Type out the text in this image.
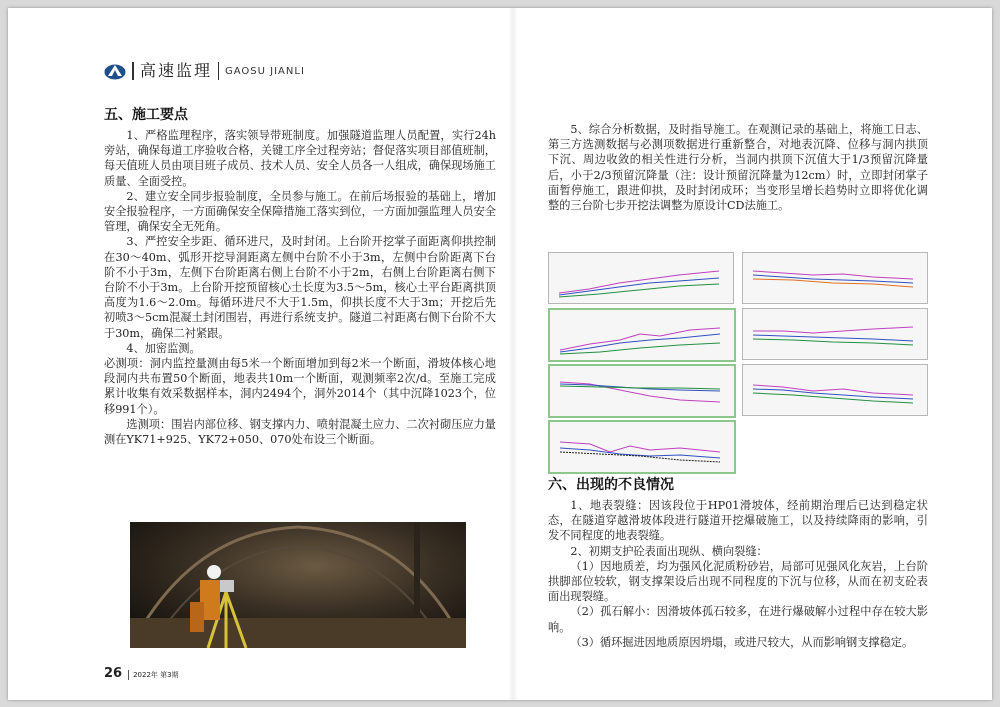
高速监理	GAOSU JIANLI
五、施工要点

1、严格监理程序，落实领导带班制度。加强隧道监理人员配置，实行24h旁站，确保每道工序验收合格，关键工序全过程旁站；督促落实项目部值班制，每天值班人员由项目班子成员、技术人员、安全人员各一人组成，确保现场施工质量、全面受控。

2、建立安全同步报验制度，全员参与施工。在前后场报验的基础上，增加安全报验程序，一方面确保安全保障措施工落实到位，一方面加强监理人员安全管理，确保安全无死角。

3、严控安全步距、循环进尺，及时封闭。上台阶开挖掌子面距离仰拱控制在30～40m、弧形开挖导洞距离左侧中台阶不小于3m，左侧中台阶距离下台阶不小于3m，左侧下台阶距离右侧上台阶不小于2m，右侧上台阶距离右侧下台阶不小于3m。上台阶开挖预留核心土长度为3.5～5m，核心土平台距离拱顶高度为1.6～2.0m。每循环进尺不大于1.5m，仰拱长度不大于3m；开挖后先初喷3～5cm混凝土封闭围岩，再进行系统支护。隧道二衬距离右侧下台阶不大于30m，确保二衬紧跟。

4、加密监测。

必测项：洞内监控量测由每5米一个断面增加到每2米一个断面，滑坡体核心地段洞内共布置50个断面，地表共10m一个断面，观测频率2次/d。至施工完成累计收集有效采数据样本，洞内2494个，洞外2014个（其中沉降1023个，位移991个）。

选测项：围岩内部位移、钢支撑内力、喷射混凝土应力、二次衬砌压应力量测在YK71+925、YK72+050、070处布设三个断面。

5、综合分析数据，及时指导施工。在观测记录的基础上，将施工日志、第三方选测数据与必测项数据进行重新整合，对地表沉降、位移与洞内拱顶下沉、周边收敛的相关性进行分析，当洞内拱顶下沉值大于1/3预留沉降量后，小于2/3预留沉降量（注：设计预留沉降量为12cm）时，立即封闭掌子面暂停施工，跟进仰拱，及时封闭成环；当变形呈增长趋势时立即将优化调整的三台阶七步开挖法调整为原设计CD法施工。

六、出现的不良情况

1、地表裂缝：因该段位于HP01滑坡体，经前期治理后已达到稳定状态，在隧道穿越滑坡体段进行隧道开挖爆破施工，以及持续降雨的影响，引发不同程度的地表裂缝。

2、初期支护砼表面出现纵、横向裂缝：

（1）因地质差，均为强风化泥质粉砂岩，局部可见强风化灰岩，上台阶拱脚部位较软，钢支撑架设后出现不同程度的下沉与位移，从而在初支砼表面出现裂缝。

（2）孤石解小：因滑坡体孤石较多，在进行爆破解小过程中存在较大影响。

（3）循环掘进因地质原因坍塌，或进尺较大，从而影响钢支撑稳定。

26	2022年 第3期
